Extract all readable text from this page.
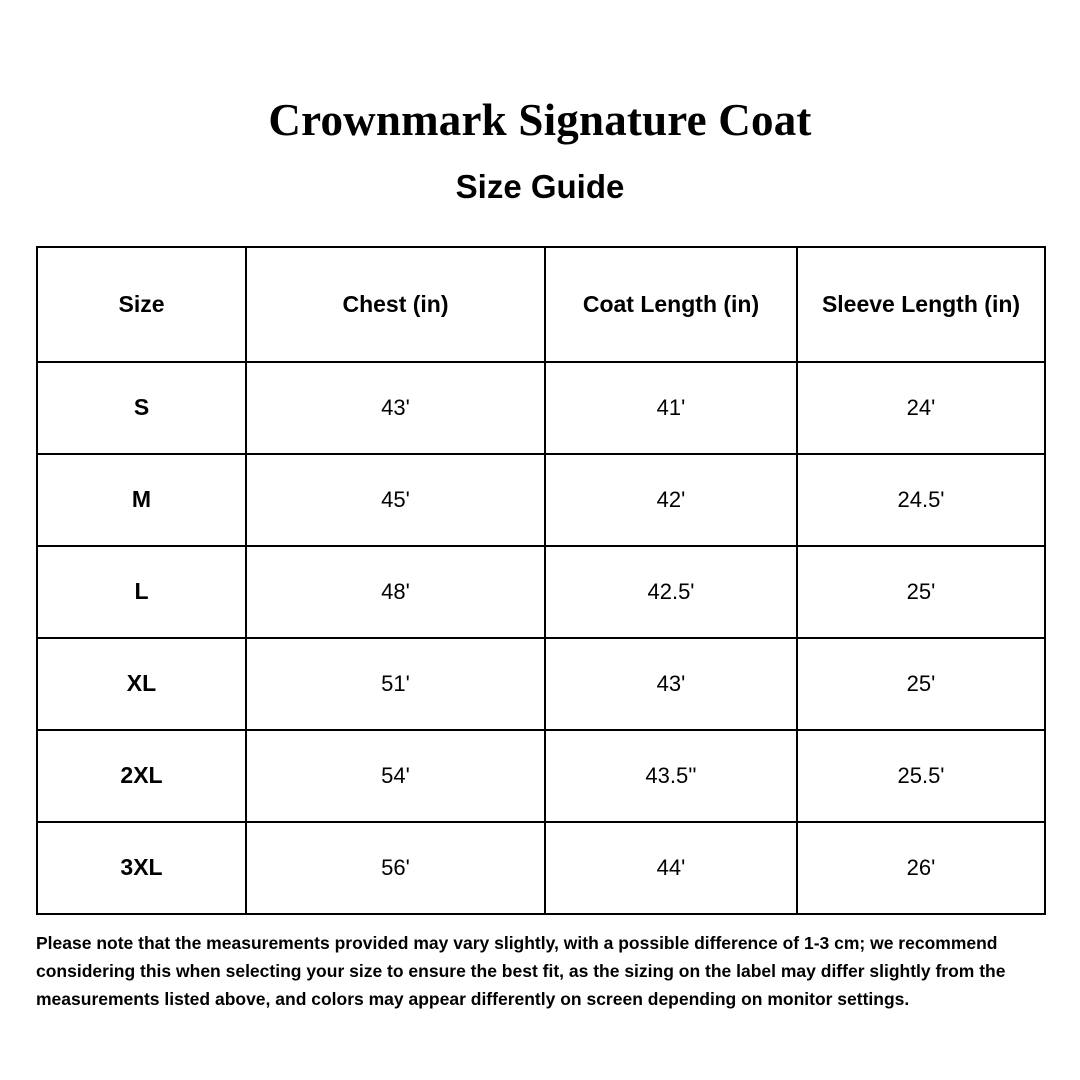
Crownmark Signature Coat
Size Guide
Size	Chest (in)	Coat Length (in)	Sleeve Length (in)
S	43'	41'	24'
M	45'	42'	24.5'
L	48'	42.5'	25'
XL	51'	43'	25'
2XL	54'	43.5''	25.5'
3XL	56'	44'	26'

Please note that the measurements provided may vary slightly, with a possible difference of 1-3 cm; we recommend considering this when selecting your size to ensure the best fit, as the sizing on the label may differ slightly from the measurements listed above, and colors may appear differently on screen depending on monitor settings.
